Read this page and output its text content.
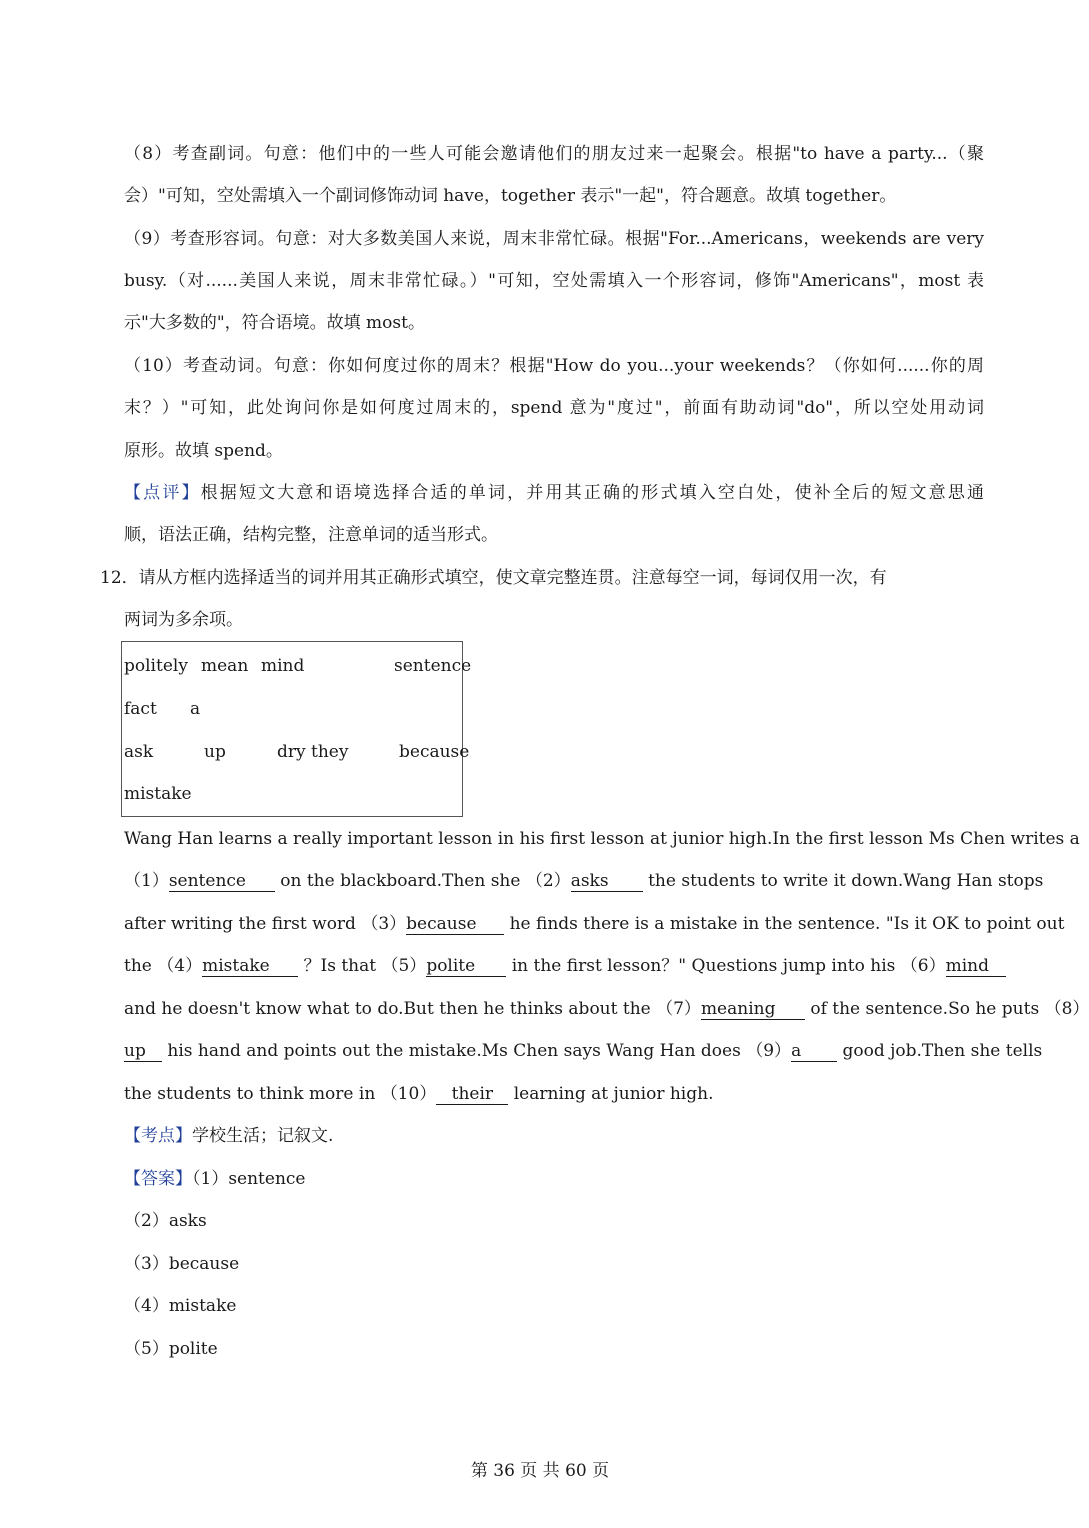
（8）考查副词。句意：他们中的一些人可能会邀请他们的朋友过来一起聚会。根据"to have a party...（聚
会）"可知，空处需填入一个副词修饰动词 have，together 表示"一起"，符合题意。故填 together。
（9）考查形容词。句意：对大多数美国人来说，周末非常忙碌。根据"For...Americans，weekends are very
busy.（对......美国人来说，周末非常忙碌。）"可知，空处需填入一个形容词，修饰"Americans"，most 表
示"大多数的"，符合语境。故填 most。
（10）考查动词。句意：你如何度过你的周末？根据"How do you...your weekends？（你如何......你的周
末？）"可知，此处询问你是如何度过周末的，spend 意为"度过"，前面有助动词"do"，所以空处用动词
原形。故填 spend。
【点评】根据短文大意和语境选择合适的单词，并用其正确的形式填入空白处，使补全后的短文意思通
顺，语法正确，结构完整，注意单词的适当形式。
12．请从方框内选择适当的词并用其正确形式填空，使文章完整连贯。注意每空一词，每词仅用一次，有
两词为多余项。
politely mean mind	sentence
fact a
ask	up	dry they	because
mistake
Wang Han learns a really important lesson in his first lesson at junior high.In the first lesson Ms Chen writes a
（1）sentence on the blackboard.Then she （2）asks the students to write it down.Wang Han stops
after writing the first word （3）because he finds there is a mistake in the sentence. "Is it OK to point out
the （4）mistake ？Is that （5）polite in the first lesson？" Questions jump into his （6）mind
and he doesn't know what to do.But then he thinks about the （7）meaning of the sentence.So he puts （8）
up his hand and points out the mistake.Ms Chen says Wang Han does （9）a good job.Then she tells
the students to think more in （10） their learning at junior high.
【考点】学校生活；记叙文.
【答案】（1）sentence
（2）asks
（3）because
（4）mistake
（5）polite
第 36 页 共 60 页
